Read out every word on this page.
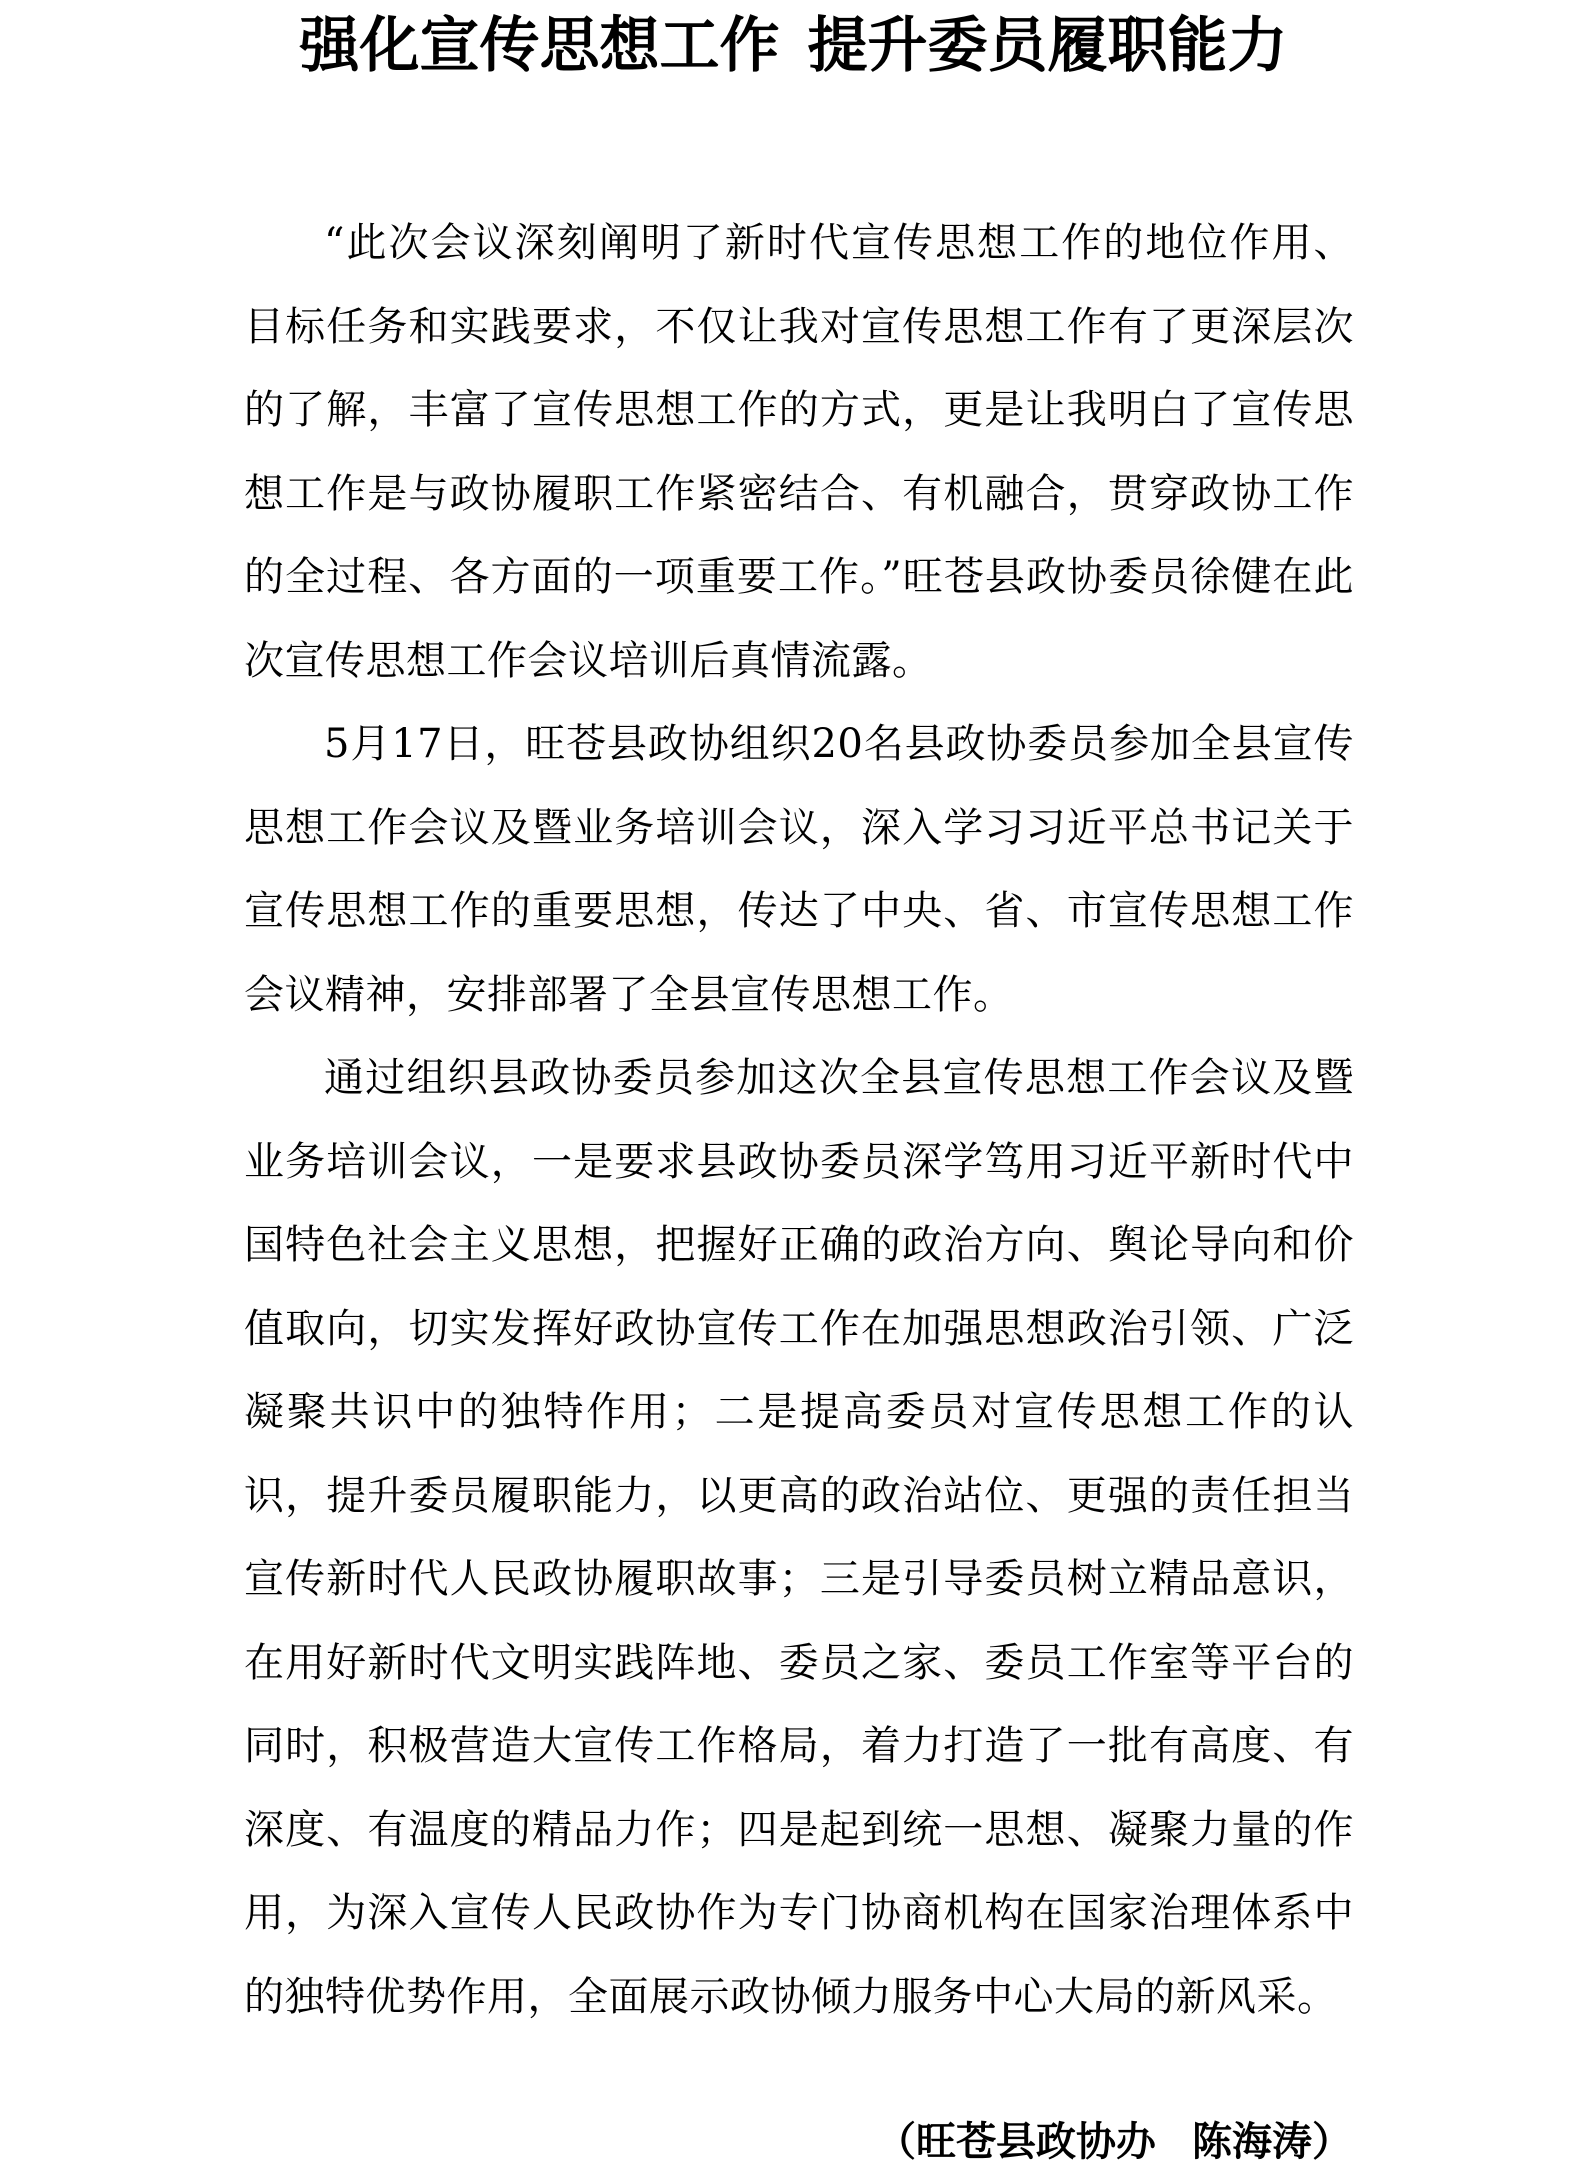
强化宣传思想工作 提升委员履职能力

“此次会议深刻阐明了新时代宣传思想工作的地位作用、目标任务和实践要求，不仅让我对宣传思想工作有了更深层次的了解，丰富了宣传思想工作的方式，更是让我明白了宣传思想工作是与政协履职工作紧密结合、有机融合，贯穿政协工作的全过程、各方面的一项重要工作。”旺苍县政协委员徐健在此次宣传思想工作会议培训后真情流露。

5月17日，旺苍县政协组织20名县政协委员参加全县宣传思想工作会议及暨业务培训会议，深入学习习近平总书记关于宣传思想工作的重要思想，传达了中央、省、市宣传思想工作会议精神，安排部署了全县宣传思想工作。

通过组织县政协委员参加这次全县宣传思想工作会议及暨业务培训会议，一是要求县政协委员深学笃用习近平新时代中国特色社会主义思想，把握好正确的政治方向、舆论导向和价值取向，切实发挥好政协宣传工作在加强思想政治引领、广泛凝聚共识中的独特作用；二是提高委员对宣传思想工作的认识，提升委员履职能力，以更高的政治站位、更强的责任担当宣传新时代人民政协履职故事；三是引导委员树立精品意识，在用好新时代文明实践阵地、委员之家、委员工作室等平台的同时，积极营造大宣传工作格局，着力打造了一批有高度、有深度、有温度的精品力作；四是起到统一思想、凝聚力量的作用，为深入宣传人民政协作为专门协商机构在国家治理体系中的独特优势作用，全面展示政协倾力服务中心大局的新风采。

（旺苍县政协办 陈海涛）
